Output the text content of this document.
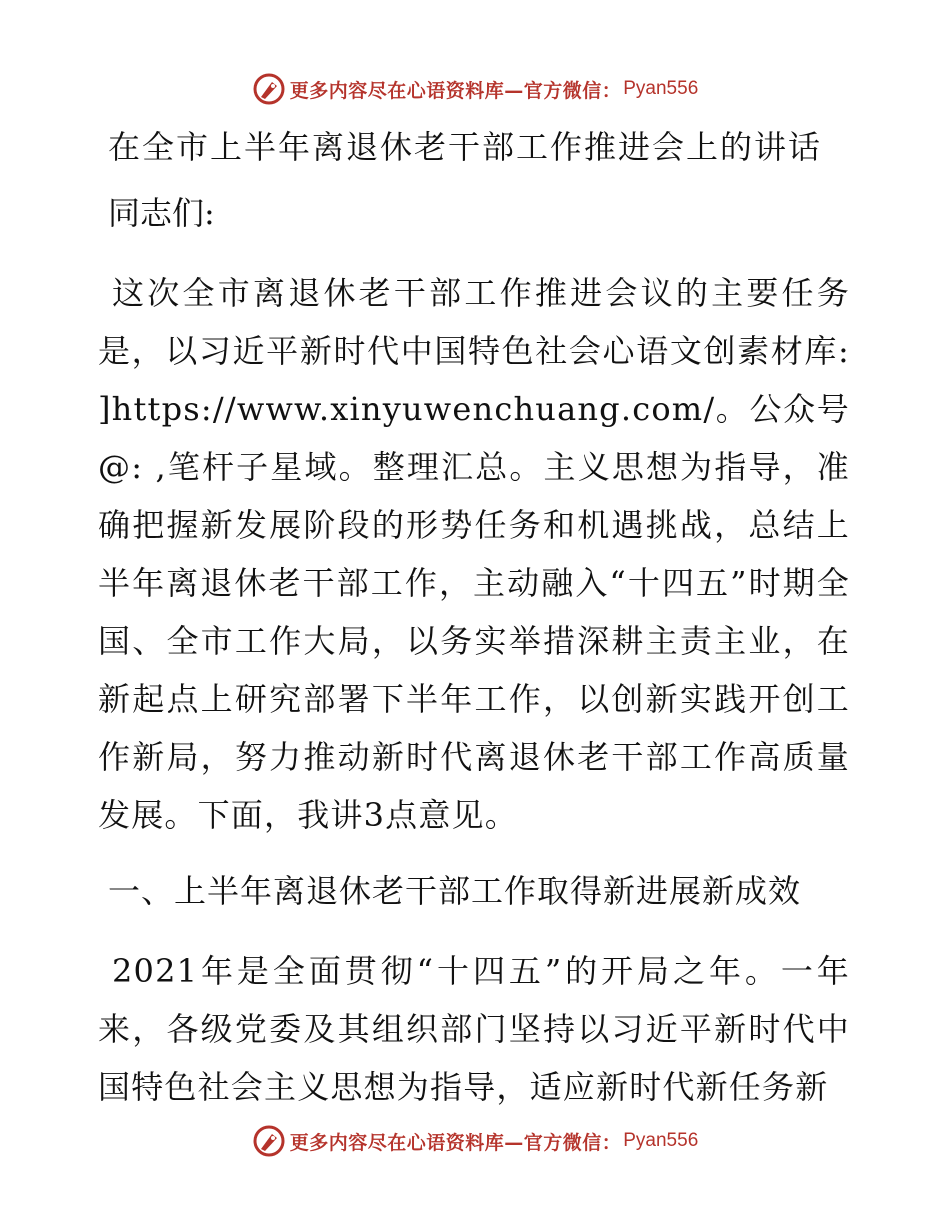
更多内容尽在心语资料库—官方微信： Pyan556
在全市上半年离退休老干部工作推进会上的讲话
同志们:

这次全市离退休老干部工作推进会议的主要任务是，以习近平新时代中国特色社会心语文创素材库: ]https://www.xinyuwenchuang.com/。公众号@: ,笔杆子星域。整理汇总。主义思想为指导，准确把握新发展阶段的形势任务和机遇挑战，总结上半年离退休老干部工作，主动融入“十四五”时期全国、全市工作大局，以务实举措深耕主责主业，在新起点上研究部署下半年工作，以创新实践开创工作新局，努力推动新时代离退休老干部工作高质量发展。下面，我讲3点意见。

一、上半年离退休老干部工作取得新进展新成效

2021年是全面贯彻“十四五”的开局之年。一年来，各级党委及其组织部门坚持以习近平新时代中国特色社会主义思想为指导，适应新时代新任务新

更多内容尽在心语资料库—官方微信： Pyan556
